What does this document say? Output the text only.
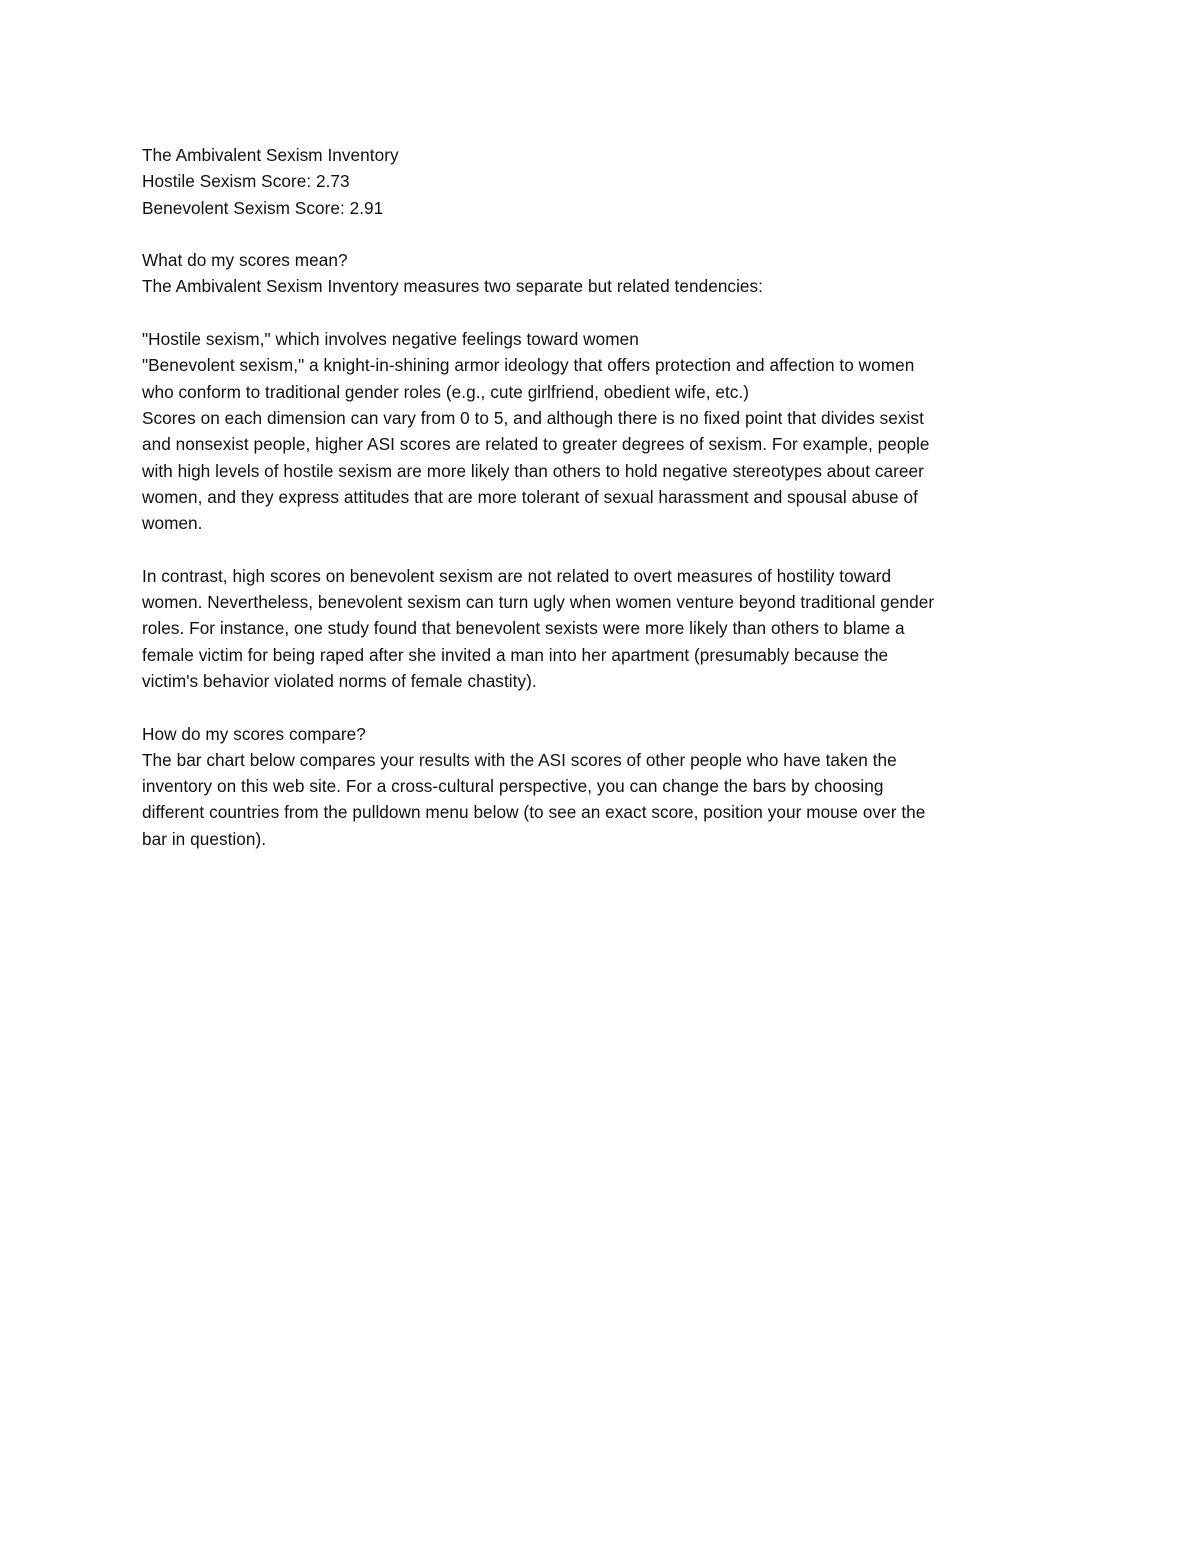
The Ambivalent Sexism Inventory
Hostile Sexism Score: 2.73
Benevolent Sexism Score: 2.91
What do my scores mean?
The Ambivalent Sexism Inventory measures two separate but related tendencies:
"Hostile sexism," which involves negative feelings toward women
"Benevolent sexism," a knight-in-shining armor ideology that offers protection and affection to women
who conform to traditional gender roles (e.g., cute girlfriend, obedient wife, etc.)
Scores on each dimension can vary from 0 to 5, and although there is no fixed point that divides sexist
and nonsexist people, higher ASI scores are related to greater degrees of sexism. For example, people
with high levels of hostile sexism are more likely than others to hold negative stereotypes about career
women, and they express attitudes that are more tolerant of sexual harassment and spousal abuse of
women.
In contrast, high scores on benevolent sexism are not related to overt measures of hostility toward
women. Nevertheless, benevolent sexism can turn ugly when women venture beyond traditional gender
roles. For instance, one study found that benevolent sexists were more likely than others to blame a
female victim for being raped after she invited a man into her apartment (presumably because the
victim's behavior violated norms of female chastity).
How do my scores compare?
The bar chart below compares your results with the ASI scores of other people who have taken the
inventory on this web site. For a cross-cultural perspective, you can change the bars by choosing
different countries from the pulldown menu below (to see an exact score, position your mouse over the
bar in question).
